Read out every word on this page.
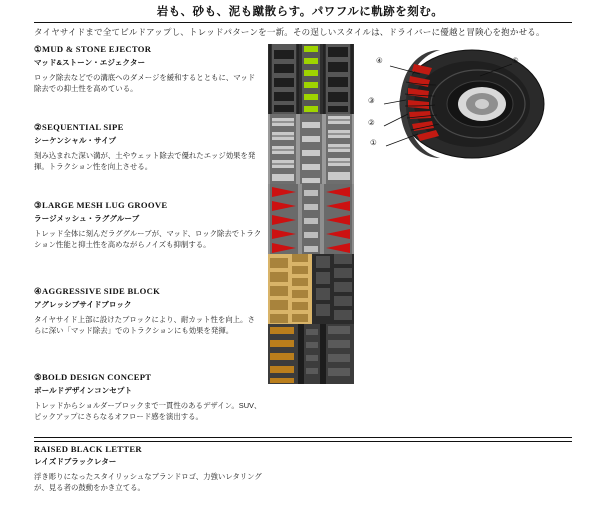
岩も、砂も、泥も蹴散らす。パワフルに軌跡を刻む。
タイヤサイドまで全てビルドアップし、トレッドパターンを一新。その逞しいスタイルは、ドライバーに優越と冒険心を抱かせる。
①MUD & STONE EJECTOR
マッド&ストーン・エジェクター
ロック除去などでの溝底へのダメージを緩和するとともに、マッド除去での抑土性を高めている。
②SEQUENTIAL SIPE
シーケンシャル・サイプ
刻み込まれた深い溝が、土やウェット除去で優れたエッジ効果を発揮。トラクション性を向上させる。
③LARGE MESH LUG GROOVE
ラージメッシュ・ラググルーブ
トレッド全体に刻んだラググルーブが、マッド、ロック除去でトラクション性能と抑土性を高めながらノイズも抑制する。
④AGGRESSIVE SIDE BLOCK
アグレッシブサイドブロック
タイヤサイド上部に設けたブロックにより、耐カット性を向上。さらに深い「マッド除去」でのトラクションにも効果を発揮。
⑤BOLD DESIGN CONCEPT
ボールドデザインコンセプト
トレッドからショルダーブロックまで一貫性のあるデザイン。SUV、ピックアップにさらなるオフロード感を演出する。
RAISED BLACK LETTER
レイズドブラックレター
浮き彫りになったスタイリッシュなブランドロゴ、力強いレタリングが、見る者の鼓動をかき立てる。
①
②
③
④	⑤
